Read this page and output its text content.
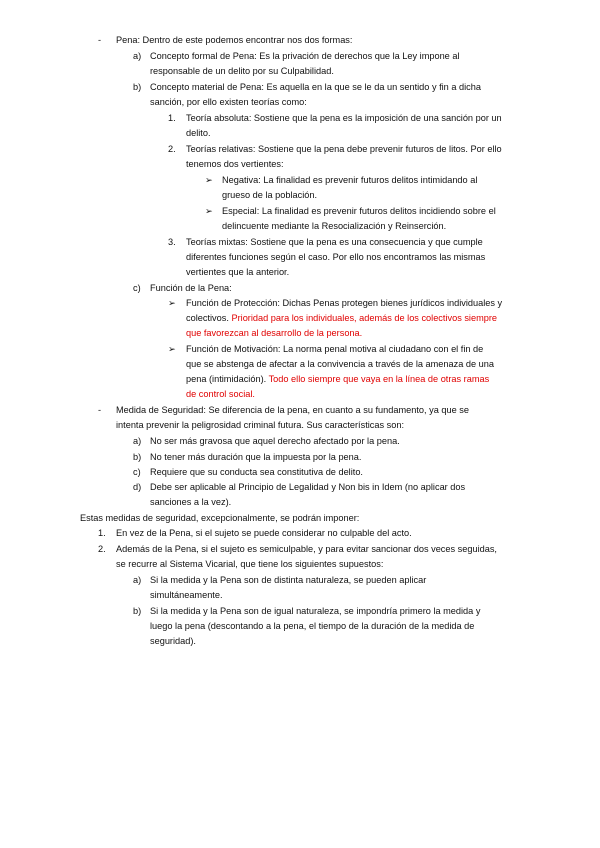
- Pena: Dentro de este podemos encontrar nos dos formas:
a) Concepto formal de Pena: Es la privación de derechos que la Ley impone al
responsable de un delito por su Culpabilidad.
b) Concepto material de Pena: Es aquella en la que se le da un sentido y fin a dicha
sanción, por ello existen teorías como:
1. Teoría absoluta: Sostiene que la pena es la imposición de una sanción por un
delito.
2. Teorías relativas: Sostiene que la pena debe prevenir futuros de litos. Por ello
tenemos dos vertientes:
➢ Negativa: La finalidad es prevenir futuros delitos intimidando al
grueso de la población.
➢ Especial: La finalidad es prevenir futuros delitos incidiendo sobre el
delincuente mediante la Resocialización y Reinserción.
3. Teorías mixtas: Sostiene que la pena es una consecuencia y que cumple
diferentes funciones según el caso. Por ello nos encontramos las mismas
vertientes que la anterior.
c) Función de la Pena:
➢ Función de Protección: Dichas Penas protegen bienes jurídicos individuales y
colectivos. Prioridad para los individuales, además de los colectivos siempre
que favorezcan al desarrollo de la persona.
➢ Función de Motivación: La norma penal motiva al ciudadano con el fin de
que se abstenga de afectar a la convivencia a través de la amenaza de una
pena (intimidación). Todo ello siempre que vaya en la línea de otras ramas
de control social.
- Medida de Seguridad: Se diferencia de la pena, en cuanto a su fundamento, ya que se
intenta prevenir la peligrosidad criminal futura. Sus características son:
a) No ser más gravosa que aquel derecho afectado por la pena.
b) No tener más duración que la impuesta por la pena.
c) Requiere que su conducta sea constitutiva de delito.
d) Debe ser aplicable al Principio de Legalidad y Non bis in Idem (no aplicar dos
sanciones a la vez).
Estas medidas de seguridad, excepcionalmente, se podrán imponer:
1. En vez de la Pena, si el sujeto se puede considerar no culpable del acto.
2. Además de la Pena, si el sujeto es semiculpable, y para evitar sancionar dos veces seguidas,
se recurre al Sistema Vicarial, que tiene los siguientes supuestos:
a) Si la medida y la Pena son de distinta naturaleza, se pueden aplicar
simultáneamente.
b) Si la medida y la Pena son de igual naturaleza, se impondría primero la medida y
luego la pena (descontando a la pena, el tiempo de la duración de la medida de
seguridad).
